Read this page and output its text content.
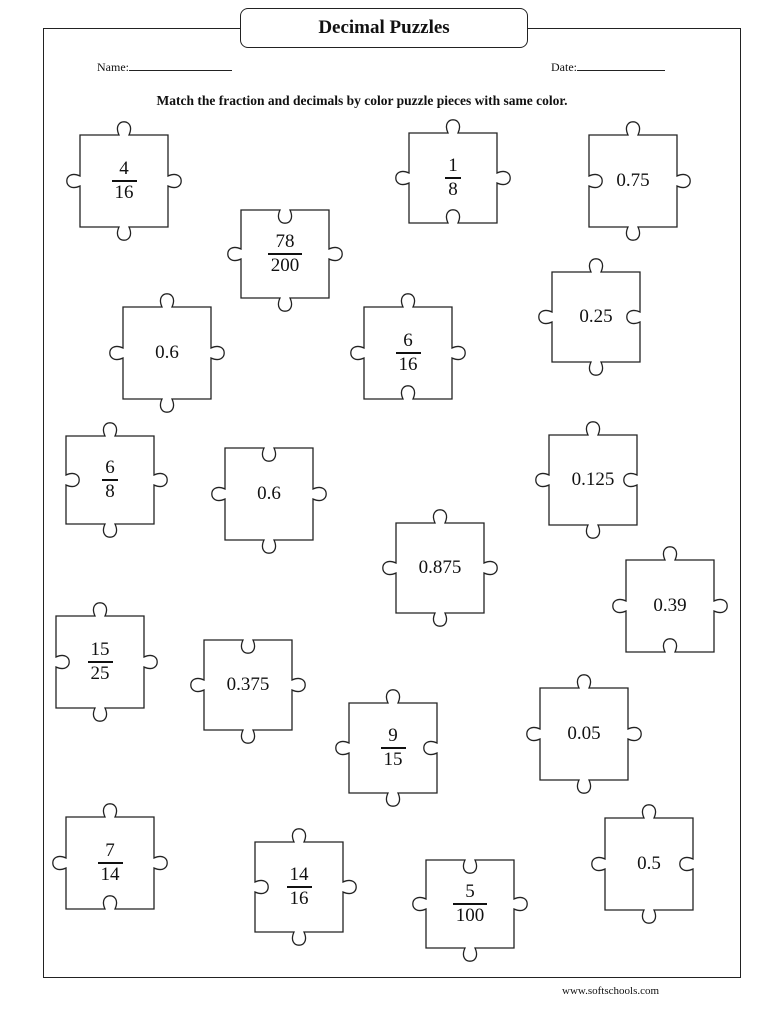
Decimal Puzzles
Name:	Date:
Match the fraction and decimals by color puzzle pieces with same color.
$\frac{4}{16}$	$\frac{1}{8}$	0.75
$\frac{78}{200}$
0.25
0.6	$\frac{6}{16}$
$\frac{6}{8}$	0.6
0.125
0.875
0.39
$\frac{15}{25}$
0.375
$\frac{9}{15}$	0.05
$\frac{7}{14}$
$\frac{14}{16}$	$\frac{5}{100}$
0.5
www.softschools.com
